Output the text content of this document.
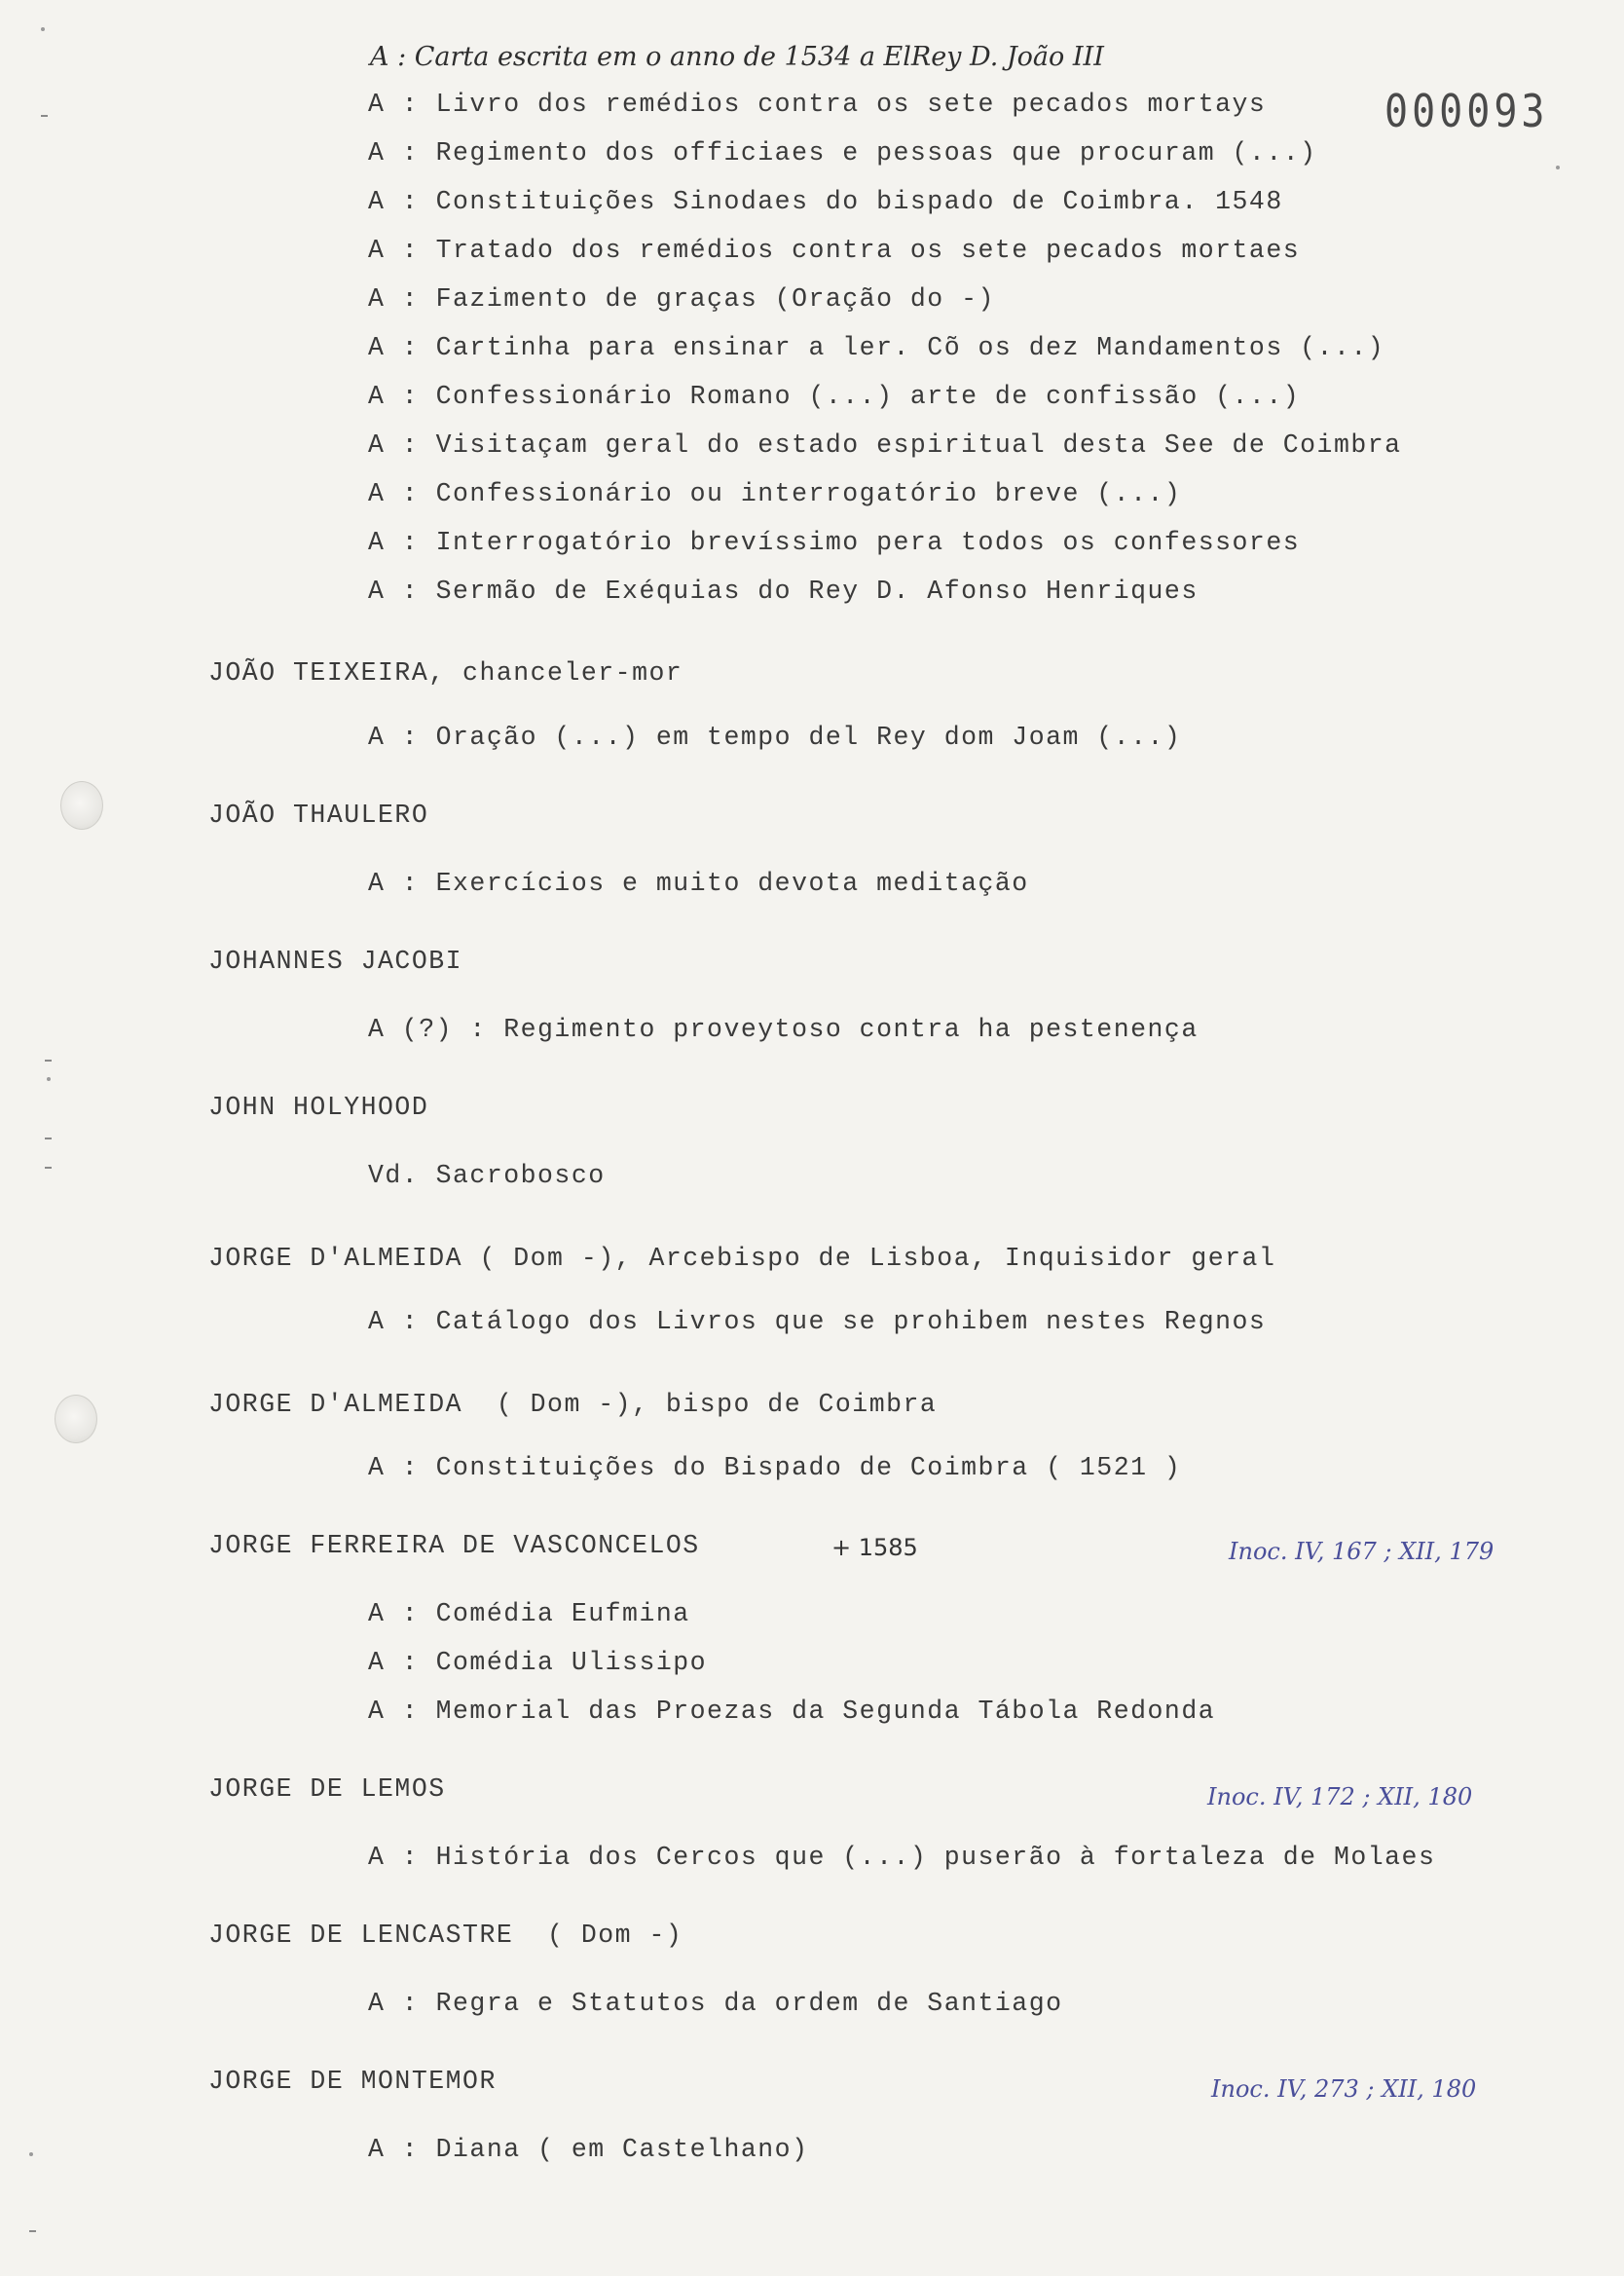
000093
A : Carta escrita em o anno de 1534 a ElRey D. João III
A : Livro dos remédios contra os sete pecados mortays
A : Regimento dos officiaes e pessoas que procuram (...)
A : Constituições Sinodaes do bispado de Coimbra. 1548
A : Tratado dos remédios contra os sete pecados mortaes
A : Fazimento de graças (Oração do -)
A : Cartinha para ensinar a ler. Cõ os dez Mandamentos (...)
A : Confessionário Romano (...) arte de confissão (...)
A : Visitaçam geral do estado espiritual desta See de Coimbra
A : Confessionário ou interrogatório breve (...)
A : Interrogatório brevíssimo pera todos os confessores
A : Sermão de Exéquias do Rey D. Afonso Henriques
JOÃO TEIXEIRA, chanceler-mor
A : Oração (...) em tempo del Rey dom Joam (...)
JOÃO THAULERO
A : Exercícios e muito devota meditação
JOHANNES JACOBI
A (?) : Regimento proveytoso contra ha pestenença
JOHN HOLYHOOD
Vd. Sacrobosco
JORGE D'ALMEIDA ( Dom -), Arcebispo de Lisboa, Inquisidor geral
A : Catálogo dos Livros que se prohibem nestes Regnos
JORGE D'ALMEIDA  ( Dom -), bispo de Coimbra
A : Constituições do Bispado de Coimbra ( 1521 )
JORGE FERREIRA DE VASCONCELOS	+ 1585	Inoc. IV, 167 ; XII, 179
A : Comédia Eufmina
A : Comédia Ulissipo
A : Memorial das Proezas da Segunda Tábola Redonda
JORGE DE LEMOS	Inoc. IV, 172 ; XII, 180
A : História dos Cercos que (...) puserão à fortaleza de Molaes
JORGE DE LENCASTRE  ( Dom -)
A : Regra e Statutos da ordem de Santiago
JORGE DE MONTEMOR	Inoc. IV, 273 ; XII, 180
A : Diana ( em Castelhano)
